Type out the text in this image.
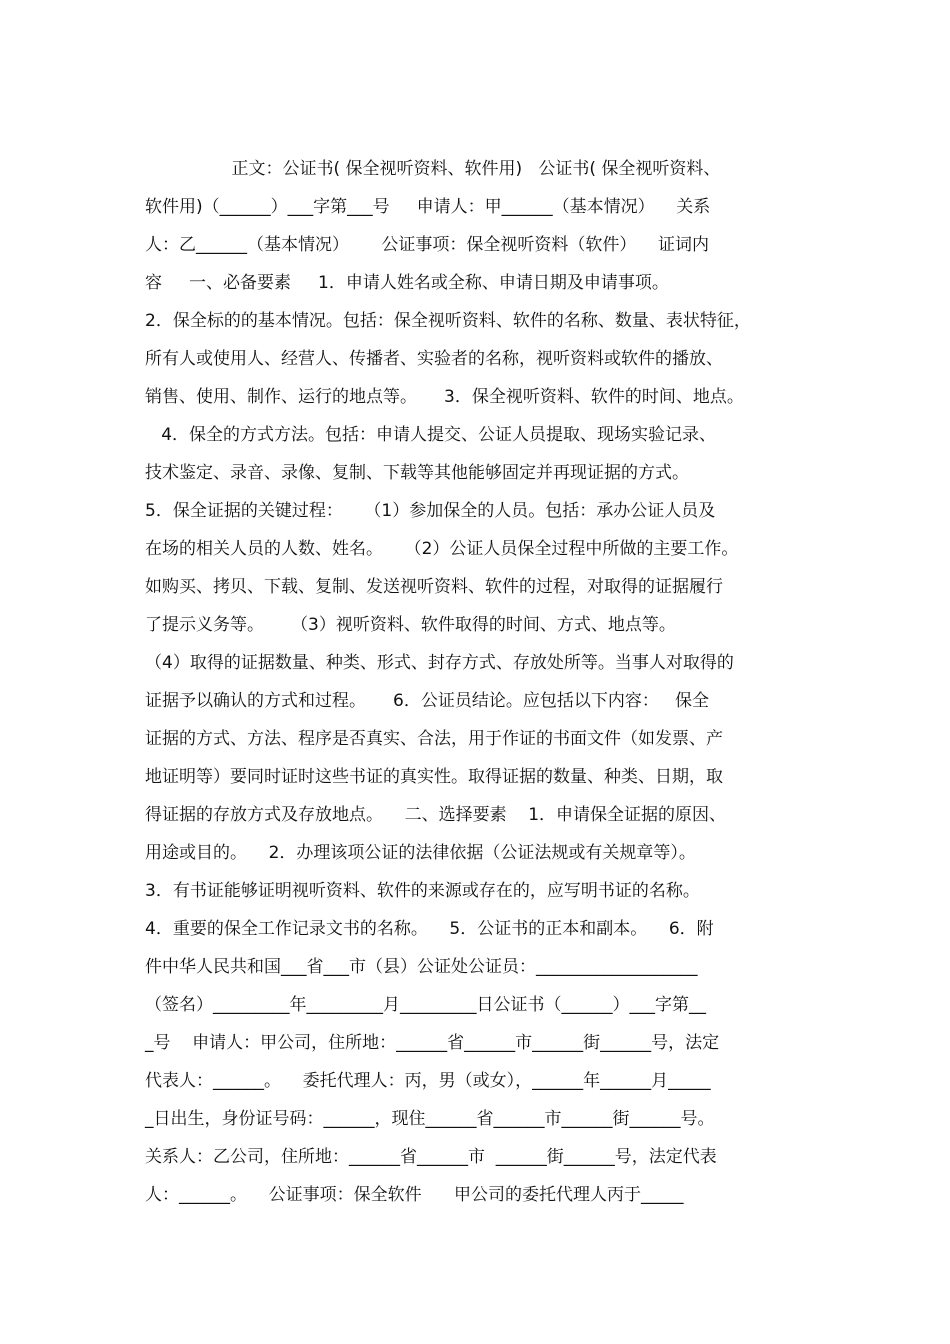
正文：公证书( 保全视听资料、软件用)   公证书( 保全视听资料、
软件用)（______）___字第___号     申请人：甲______（基本情况）    关系
人：乙______（基本情况）      公证事项：保全视听资料（软件）    证词内
容     一、必备要素     1．申请人姓名或全称、申请日期及申请事项。
2．保全标的的基本情况。包括：保全视听资料、软件的名称、数量、表状特征，
所有人或使用人、经营人、传播者、实验者的名称，视听资料或软件的播放、
销售、使用、制作、运行的地点等。     3．保全视听资料、软件的时间、地点。
4．保全的方式方法。包括：申请人提交、公证人员提取、现场实验记录、
技术鉴定、录音、录像、复制、下载等其他能够固定并再现证据的方式。
5．保全证据的关键过程：    （1）参加保全的人员。包括：承办公证人员及
在场的相关人员的人数、姓名。    （2）公证人员保全过程中所做的主要工作。
如购买、拷贝、下载、复制、发送视听资料、软件的过程，对取得的证据履行
了提示义务等。     （3）视听资料、软件取得的时间、方式、地点等。
（4）取得的证据数量、种类、形式、封存方式、存放处所等。当事人对取得的
证据予以确认的方式和过程。     6．公证员结论。应包括以下内容：   保全
证据的方式、方法、程序是否真实、合法，用于作证的书面文件（如发票、产
地证明等）要同时证时这些书证的真实性。取得证据的数量、种类、日期，取
得证据的存放方式及存放地点。    二、选择要素    1．申请保全证据的原因、
用途或目的。    2．办理该项公证的法律依据（公证法规或有关规章等）。
3．有书证能够证明视听资料、软件的来源或存在的，应写明书证的名称。
4．重要的保全工作记录文书的名称。    5．公证书的正本和副本。    6．附
件中华人民共和国___省___市（县）公证处公证员：___________________
（签名）_________年_________月_________日公证书（______）___字第__
_号    申请人：甲公司，住所地：______省______市______街______号，法定
代表人：______。    委托代理人：丙，男（或女），______年______月_____
_日出生，身份证号码：______，现住______省______市______街______号。
关系人：乙公司，住所地：______省______市  ______街______号，法定代表
人：______。    公证事项：保全软件      甲公司的委托代理人丙于_____
